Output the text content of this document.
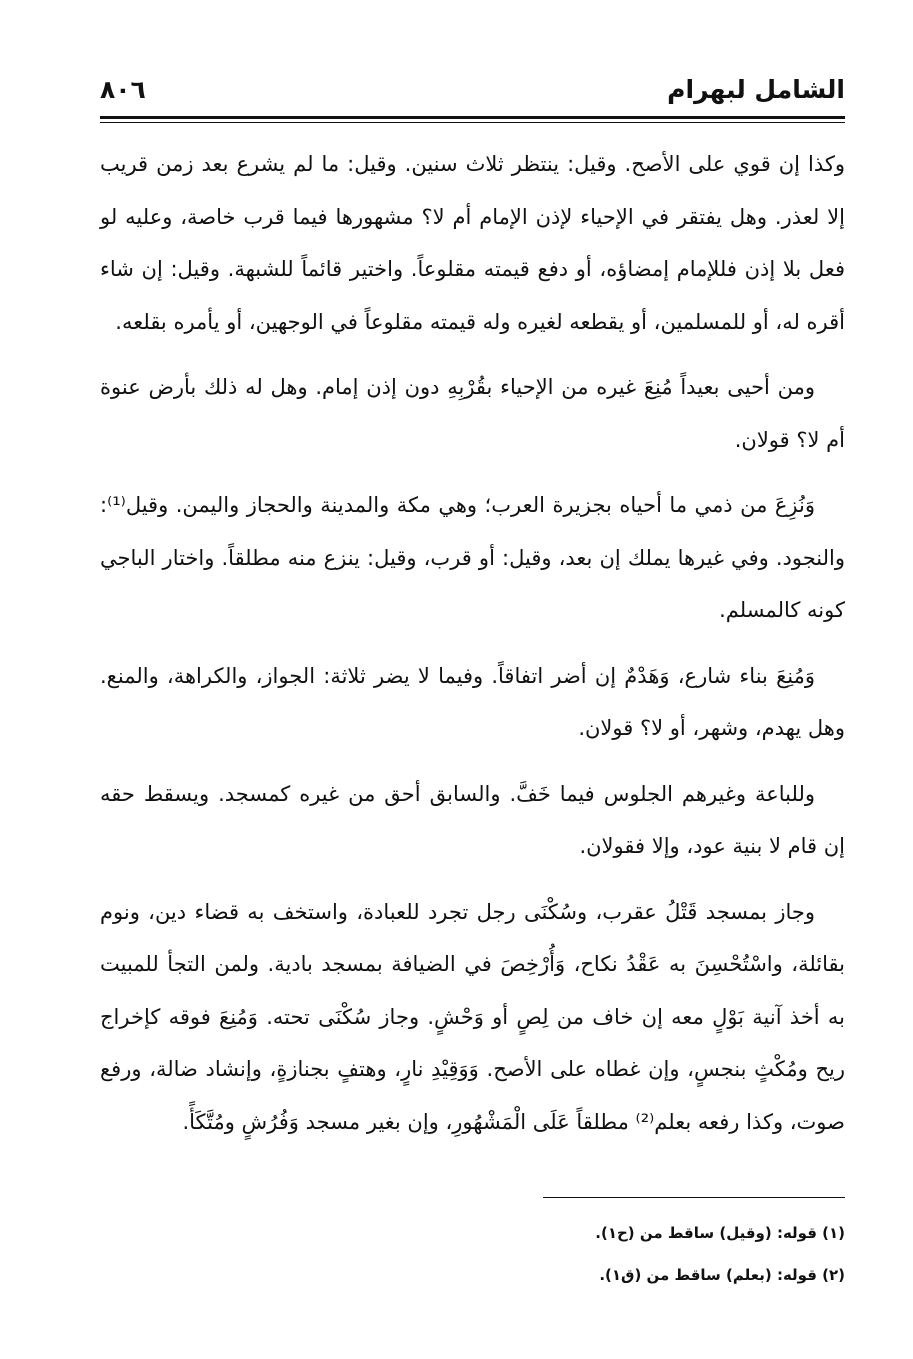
الشامل لبهرام
٨٠٦

وكذا إن قوي على الأصح. وقيل: ينتظر ثلاث سنين. وقيل: ما لم يشرع بعد زمن قريب إلا لعذر. وهل يفتقر في الإحياء لإذن الإمام أم لا؟ مشهورها فيما قرب خاصة، وعليه لو فعل بلا إذن فللإمام إمضاؤه، أو دفع قيمته مقلوعاً. واختير قائماً للشبهة. وقيل: إن شاء أقره له، أو للمسلمين، أو يقطعه لغيره وله قيمته مقلوعاً في الوجهين، أو يأمره بقلعه.

ومن أحيى بعيداً مُنِعَ غيره من الإحياء بقُرْبِهِ دون إذن إمام. وهل له ذلك بأرض عنوة أم لا؟ قولان.

وَنُزِعَ من ذمي ما أحياه بجزيرة العرب؛ وهي مكة والمدينة والحجاز واليمن. وقيل⁽¹⁾: والنجود. وفي غيرها يملك إن بعد، وقيل: أو قرب، وقيل: ينزع منه مطلقاً. واختار الباجي كونه كالمسلم.

وَمُنِعَ بناء شارع، وَهَدْمٌ إن أضر اتفاقاً. وفيما لا يضر ثلاثة: الجواز، والكراهة، والمنع. وهل يهدم، وشهر، أو لا؟ قولان.

وللباعة وغيرهم الجلوس فيما خَفَّ. والسابق أحق من غيره كمسجد. ويسقط حقه إن قام لا بنية عود، وإلا فقولان.

وجاز بمسجد قَتْلُ عقرب، وسُكْنَى رجل تجرد للعبادة، واستخف به قضاء دين، ونوم بقائلة، واسْتُحْسِنَ به عَقْدُ نكاح، وَأُرْخِصَ في الضيافة بمسجد بادية. ولمن التجأ للمبيت به أخذ آنية بَوْلٍ معه إن خاف من لِصٍ أو وَحْشٍ. وجاز سُكْنَى تحته. وَمُنِعَ فوقه كإخراج ريح ومُكْثٍ بنجسٍ، وإن غطاه على الأصح. وَوَقِيْدِ نارٍ، وهتفٍ بجنازةٍ، وإنشاد ضالة، ورفع صوت، وكذا رفعه بعلم⁽²⁾ مطلقاً عَلَى الْمَشْهُورِ، وإن بغير مسجد وَفُرُشٍ ومُتَّكَأً.

(١) قوله: (وقيل) ساقط من (ح١).
(٢) قوله: (بعلم) ساقط من (ق١).
